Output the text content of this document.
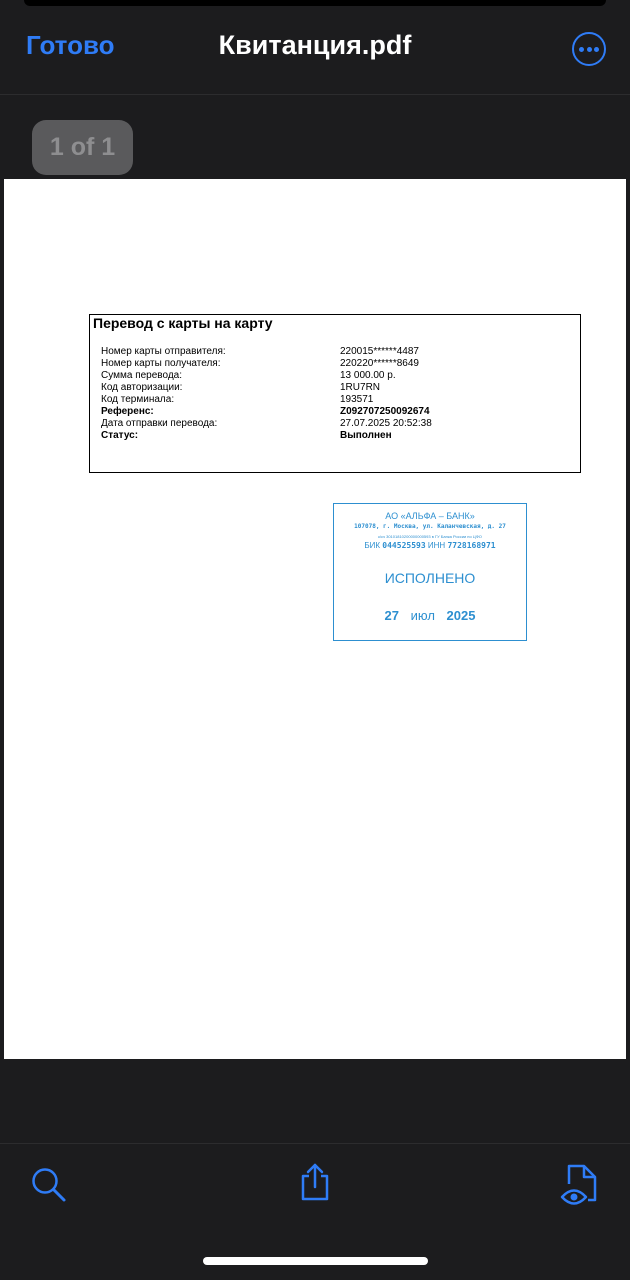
Готово	Квитанция.pdf
1 of 1
Перевод с карты на карту
Номер карты отправителя:	220015******4487
Номер карты получателя:	220220******8649
Сумма перевода:	13 000.00 р.
Код авторизации:	1RU7RN
Код терминала:	193571
Референс:	Z092707250092674
Дата отправки перевода:	27.07.2025 20:52:38
Статус:	Выполнен
АО «АЛЬФА – БАНК»
107078, г. Москва, ул. Каланчевская, д. 27
к/сч 30101810200000000593 в ГУ Банка России по ЦФО
БИК 044525593 ИНН 7728168971
ИСПОЛНЕНО
27 июл 2025
